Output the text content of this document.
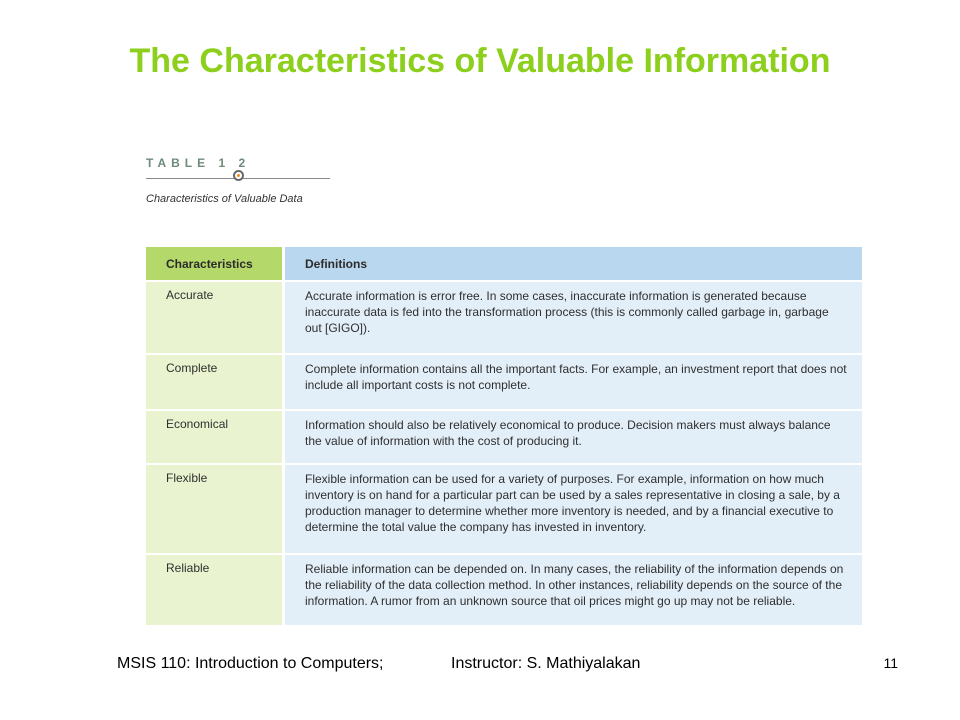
The Characteristics of Valuable Information
TABLE 1 2
Characteristics of Valuable Data
Characteristics	Definitions
Accurate	Accurate information is error free. In some cases, inaccurate information is generated because inaccurate data is fed into the transformation process (this is commonly called garbage in, garbage out [GIGO]).
Complete	Complete information contains all the important facts. For example, an investment report that does not include all important costs is not complete.
Economical	Information should also be relatively economical to produce. Decision makers must always balance the value of information with the cost of producing it.
Flexible	Flexible information can be used for a variety of purposes. For example, information on how much inventory is on hand for a particular part can be used by a sales representative in closing a sale, by a production manager to determine whether more inventory is needed, and by a financial executive to determine the total value the company has invested in inventory.
Reliable	Reliable information can be depended on. In many cases, the reliability of the information depends on the reliability of the data collection method. In other instances, reliability depends on the source of the information. A rumor from an unknown source that oil prices might go up may not be reliable.
MSIS 110: Introduction to Computers;	Instructor: S. Mathiyalakan	11
